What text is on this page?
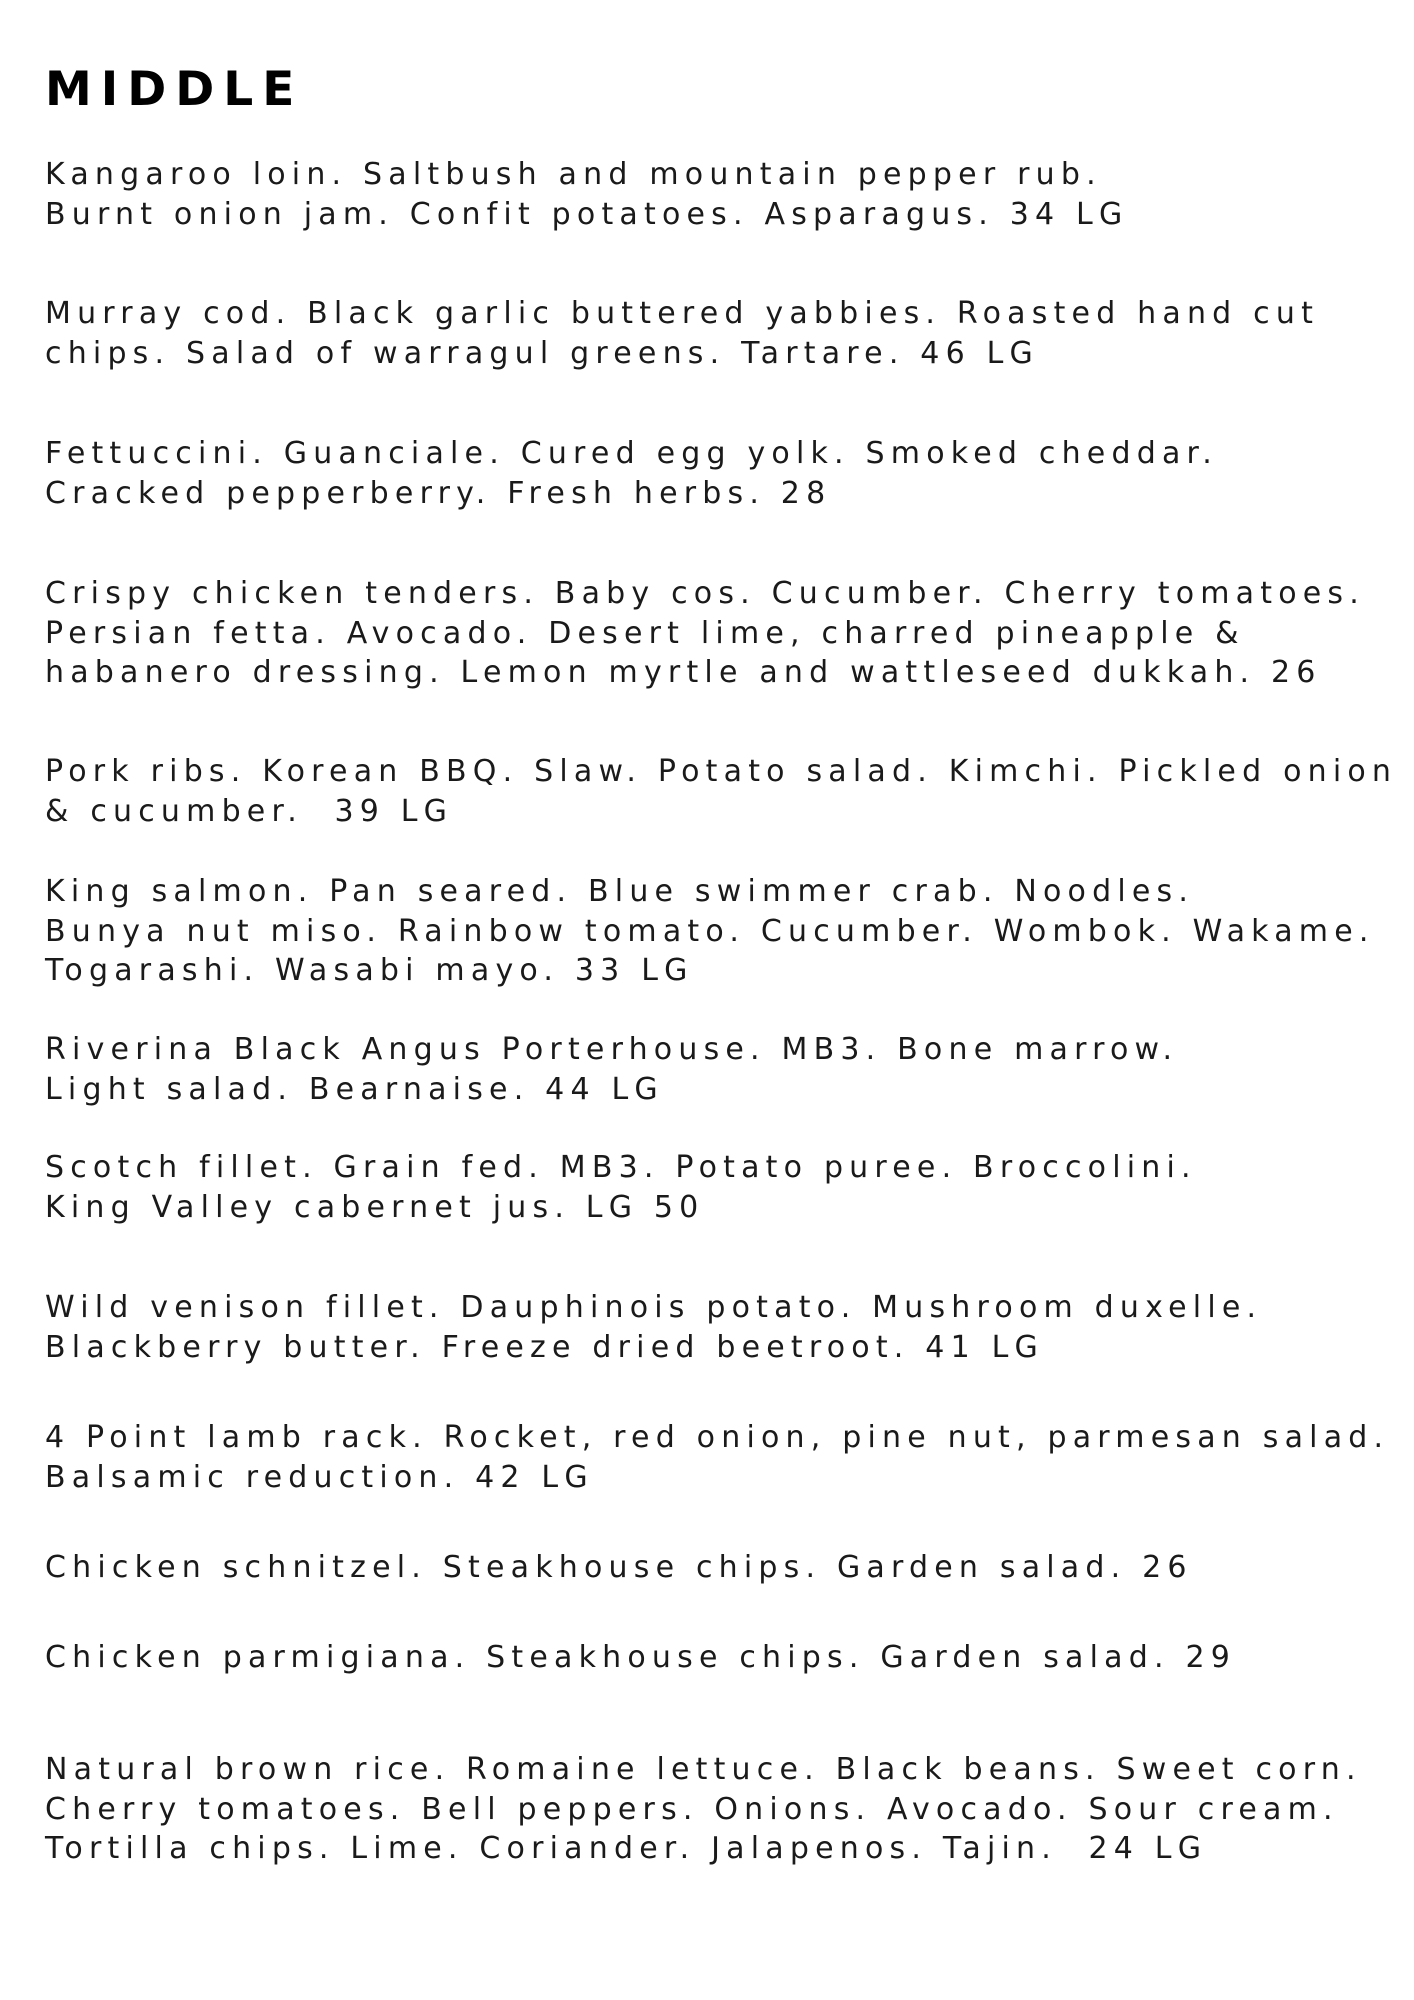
MIDDLE
Kangaroo loin. Saltbush and mountain pepper rub.
Burnt onion jam. Confit potatoes. Asparagus. 34 LG
Murray cod. Black garlic buttered yabbies. Roasted hand cut
chips. Salad of warragul greens. Tartare. 46 LG
Fettuccini. Guanciale. Cured egg yolk. Smoked cheddar.
Cracked pepperberry. Fresh herbs. 28
Crispy chicken tenders. Baby cos. Cucumber. Cherry tomatoes.
Persian fetta. Avocado. Desert lime, charred pineapple &
habanero dressing. Lemon myrtle and wattleseed dukkah. 26
Pork ribs. Korean BBQ. Slaw. Potato salad. Kimchi. Pickled onion
& cucumber.  39 LG
King salmon. Pan seared. Blue swimmer crab. Noodles.
Bunya nut miso. Rainbow tomato. Cucumber. Wombok. Wakame.
Togarashi. Wasabi mayo. 33 LG
Riverina Black Angus Porterhouse. MB3. Bone marrow.
Light salad. Bearnaise. 44 LG
Scotch fillet. Grain fed. MB3. Potato puree. Broccolini.
King Valley cabernet jus. LG 50
Wild venison fillet. Dauphinois potato. Mushroom duxelle.
Blackberry butter. Freeze dried beetroot. 41 LG
4 Point lamb rack. Rocket, red onion, pine nut, parmesan salad.
Balsamic reduction. 42 LG
Chicken schnitzel. Steakhouse chips. Garden salad. 26
Chicken parmigiana. Steakhouse chips. Garden salad. 29
Natural brown rice. Romaine lettuce. Black beans. Sweet corn.
Cherry tomatoes. Bell peppers. Onions. Avocado. Sour cream.
Tortilla chips. Lime. Coriander. Jalapenos. Tajin.  24 LG
